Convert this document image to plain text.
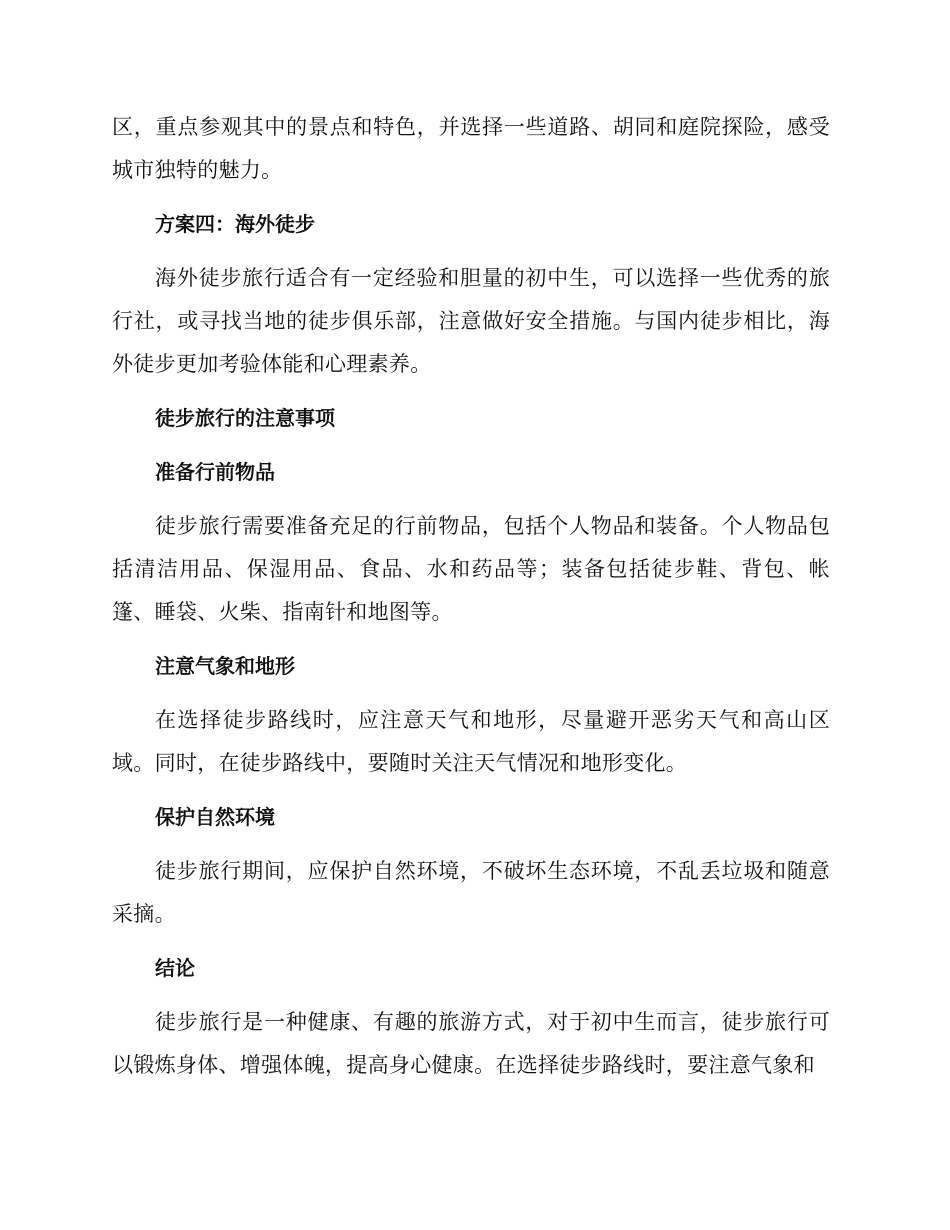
区，重点参观其中的景点和特色，并选择一些道路、胡同和庭院探险，感受城市独特的魅力。

方案四：海外徒步

海外徒步旅行适合有一定经验和胆量的初中生，可以选择一些优秀的旅行社，或寻找当地的徒步俱乐部，注意做好安全措施。与国内徒步相比，海外徒步更加考验体能和心理素养。

徒步旅行的注意事项

准备行前物品

徒步旅行需要准备充足的行前物品，包括个人物品和装备。个人物品包括清洁用品、保湿用品、食品、水和药品等；装备包括徒步鞋、背包、帐篷、睡袋、火柴、指南针和地图等。

注意气象和地形

在选择徒步路线时，应注意天气和地形，尽量避开恶劣天气和高山区域。同时，在徒步路线中，要随时关注天气情况和地形变化。

保护自然环境

徒步旅行期间，应保护自然环境，不破坏生态环境，不乱丢垃圾和随意采摘。

结论

徒步旅行是一种健康、有趣的旅游方式，对于初中生而言，徒步旅行可以锻炼身体、增强体魄，提高身心健康。在选择徒步路线时，要注意气象和
